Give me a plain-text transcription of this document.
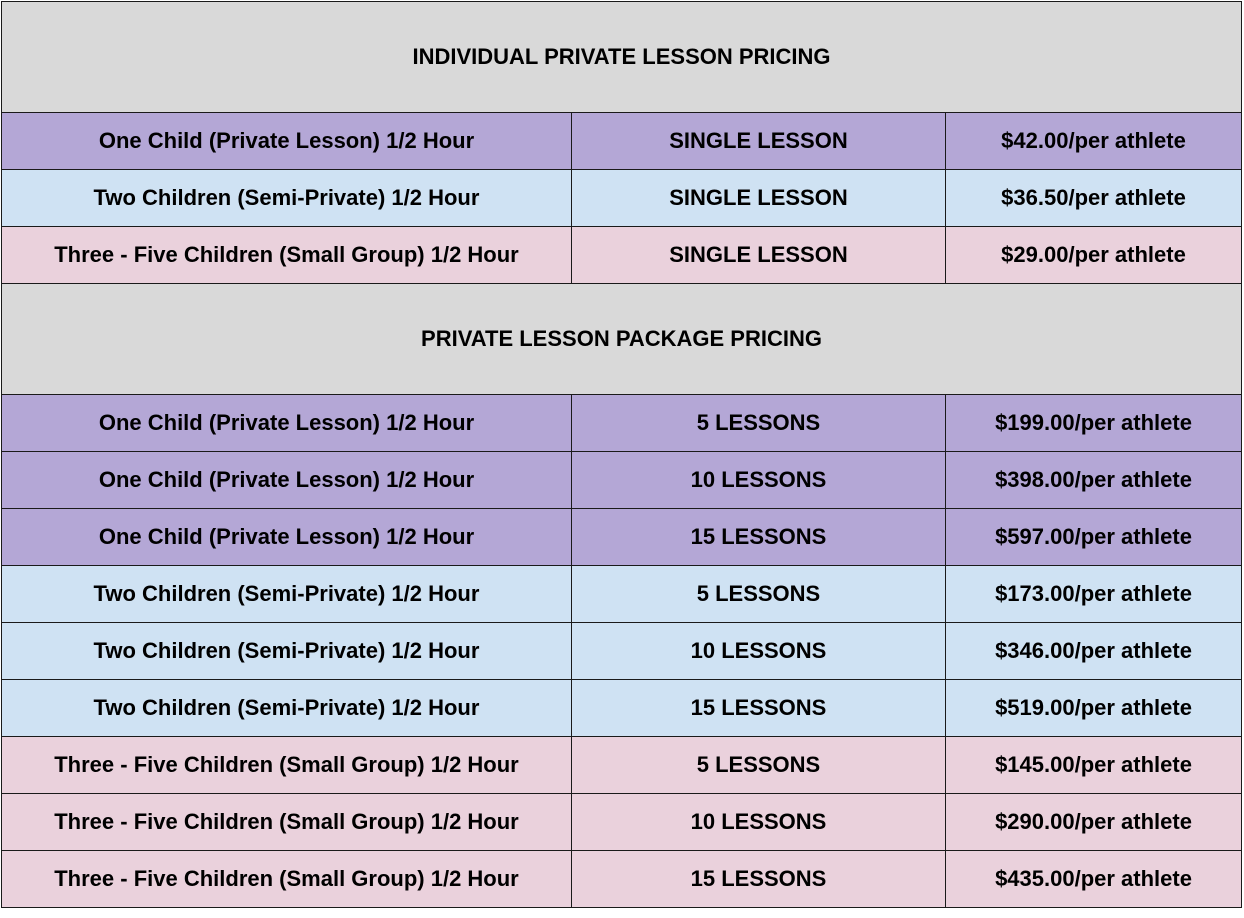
INDIVIDUAL PRIVATE LESSON PRICING		
One Child (Private Lesson) 1/2 Hour	SINGLE LESSON	$42.00/per athlete
Two Children (Semi-Private) 1/2 Hour	SINGLE LESSON	$36.50/per athlete
Three - Five Children (Small Group) 1/2 Hour	SINGLE LESSON	$29.00/per athlete
PRIVATE LESSON PACKAGE PRICING		
One Child (Private Lesson) 1/2 Hour	5 LESSONS	$199.00/per athlete
One Child (Private Lesson) 1/2 Hour	10 LESSONS	$398.00/per athlete
One Child (Private Lesson) 1/2 Hour	15 LESSONS	$597.00/per athlete
Two Children (Semi-Private) 1/2 Hour	5 LESSONS	$173.00/per athlete
Two Children (Semi-Private) 1/2 Hour	10 LESSONS	$346.00/per athlete
Two Children (Semi-Private) 1/2 Hour	15 LESSONS	$519.00/per athlete
Three - Five Children (Small Group) 1/2 Hour	5 LESSONS	$145.00/per athlete
Three - Five Children (Small Group) 1/2 Hour	10 LESSONS	$290.00/per athlete
Three - Five Children (Small Group) 1/2 Hour	15 LESSONS	$435.00/per athlete
